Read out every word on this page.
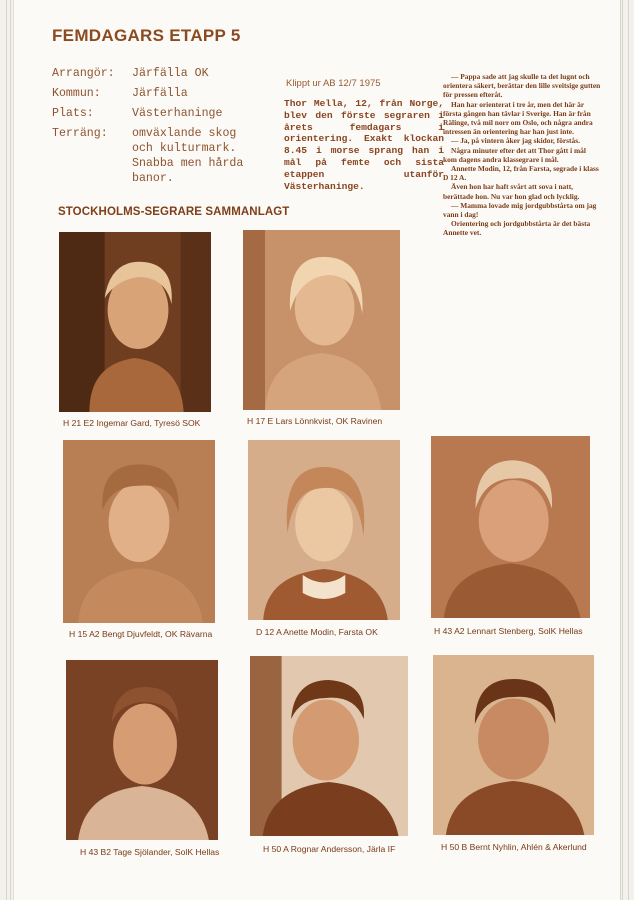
FEMDAGARS ETAPP 5
Arrangör:	Järfälla OK
Kommun:	Järfälla
Plats:	Västerhaninge
Terräng:	omväxlande skog
och kulturmark.
Snabba men hårda
banor.
Klippt ur AB 12/7 1975
Thor Mella, 12, från Norge, blev den förste segraren i årets femdagars i orientering. Exakt klockan 8.45 i morse sprang han i mål på femte och sista etappen utanför Västerhaninge.

— Pappa sade att jag skulle ta det lugnt och orientera säkert, berättar den lille sveitsige gutten för pressen efteråt.

Han har orienterat i tre år, men det här är första gången han tävlar i Sverige. Han är från Rälinge, två mil norr om Oslo, och några andra intressen än orientering har han just inte.

— Ja, på vintern åker jag skidor, förstås.

Några minuter efter det att Thor gått i mål kom dagens andra klassegrare i mål.

Annette Modin, 12, från Farsta, segrade i klass D 12 A.

Även hon har haft svårt att sova i natt, berättade hon. Nu var hon glad och lycklig.

— Mamma lovade mig jordgubbstårta om jag vann i dag!

Orientering och jordgubbstårta är det bästa Annette vet.

STOCKHOLMS-SEGRARE SAMMANLAGT
H 21 E2 Ingemar Gard, Tyresö SOK	H 17 E Lars Lönnkvist, OK Ravinen
H 15 A2 Bengt Djuvfeldt, OK Rävarna	D 12 A Anette Modin, Farsta OK	H 43 A2 Lennart Stenberg, SolK Hellas
H 43 B2 Tage Sjölander, SolK Hellas	H 50 A Rognar Andersson, Järla IF	H 50 B Bernt Nyhlin, Ahlén & Akerlund
